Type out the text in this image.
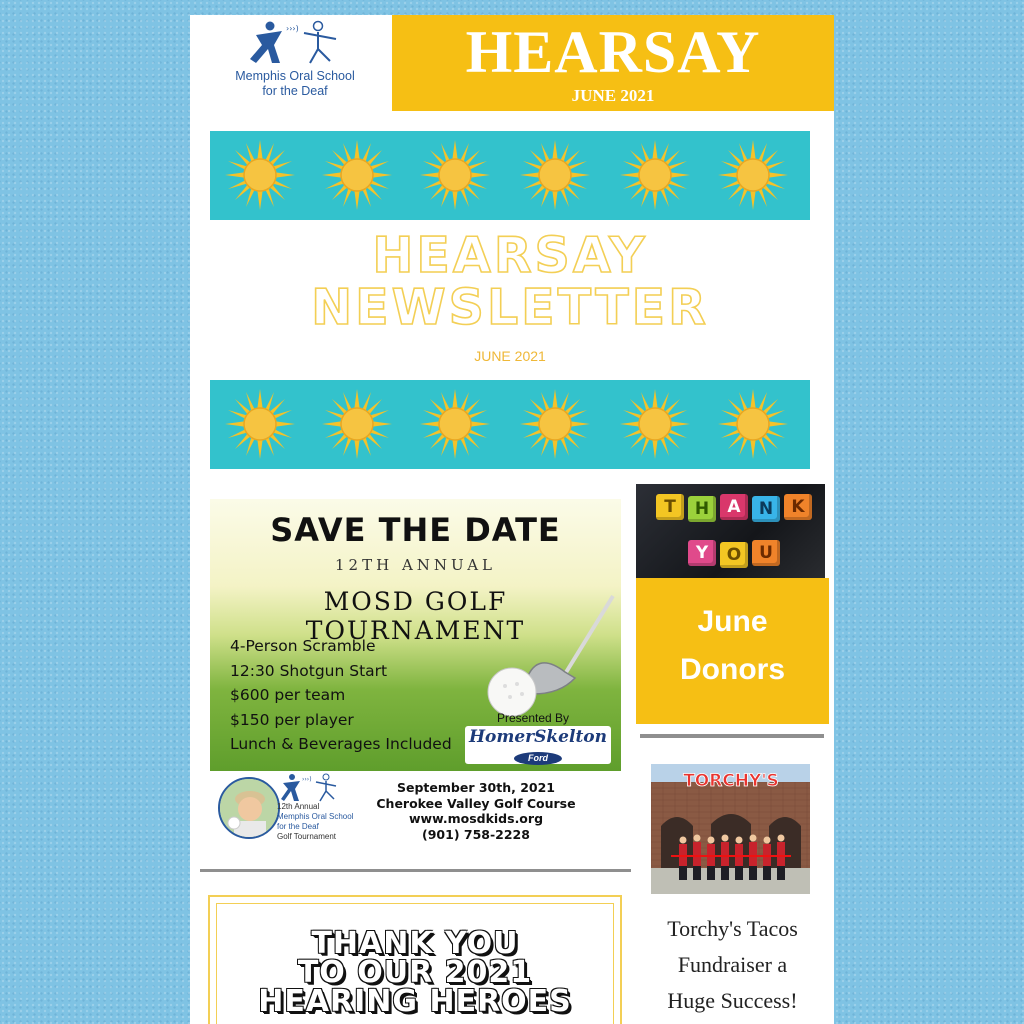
›››)
Memphis Oral School
for the Deaf
HEARSAY
JUNE 2021
HEARSAY
NEWSLETTER
JUNE 2021
SAVE THE DATE
12TH ANNUAL
MOSD GOLF TOURNAMENT
4-Person Scramble
12:30 Shotgun Start
$600 per team
$150 per player
Lunch & Beverages Included
Presented By
HomerSkelton
Ford
›››)
12th Annual
Memphis Oral School
for the Deaf
Golf Tournament
September 30th, 2021
Cherokee Valley Golf Course
www.mosdkids.org
(901) 758-2228
THANK YOU
TO OUR 2021
HEARING HEROES
T	H	A	N	K
Y	O	U
June
Donors
TORCHY'S
Torchy's Tacos
Fundraiser a
Huge Success!
